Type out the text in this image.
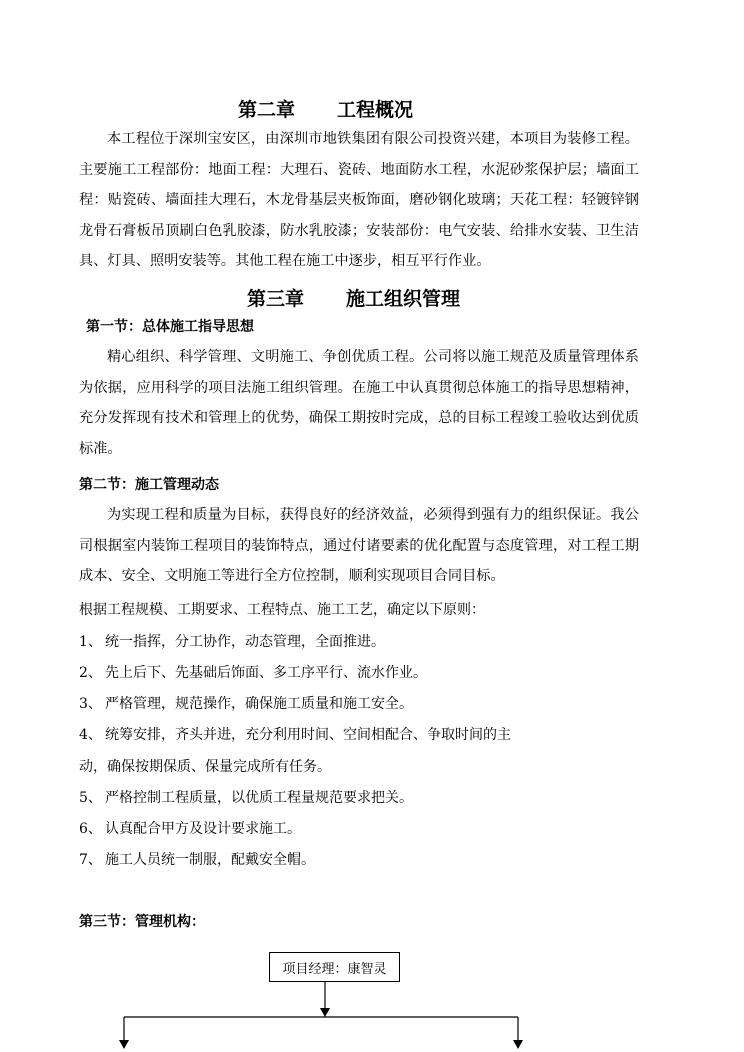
第二章 工程概况

本工程位于深圳宝安区，由深圳市地铁集团有限公司投资兴建，本项目为装修工程。主要施工工程部份：地面工程：大理石、瓷砖、地面防水工程，水泥砂浆保护层；墙面工程：贴瓷砖、墙面挂大理石，木龙骨基层夹板饰面，磨砂钢化玻璃；天花工程：轻镀锌钢龙骨石膏板吊顶刷白色乳胶漆，防水乳胶漆；安装部份：电气安装、给排水安装、卫生洁具、灯具、照明安装等。其他工程在施工中逐步，相互平行作业。

第三章 施工组织管理
第一节：总体施工指导思想

精心组织、科学管理、文明施工、争创优质工程。公司将以施工规范及质量管理体系为依据，应用科学的项目法施工组织管理。在施工中认真贯彻总体施工的指导思想精神，充分发挥现有技术和管理上的优势，确保工期按时完成，总的目标工程竣工验收达到优质标准。

第二节：施工管理动态

为实现工程和质量为目标，获得良好的经济效益，必须得到强有力的组织保证。我公司根据室内装饰工程项目的装饰特点，通过付诸要素的优化配置与态度管理，对工程工期成本、安全、文明施工等进行全方位控制，顺利实现项目合同目标。

根据工程规模、工期要求、工程特点、施工工艺，确定以下原则：
1、 统一指挥，分工协作，动态管理，全面推进。
2、 先上后下、先基础后饰面、多工序平行、流水作业。
3、 严格管理，规范操作，确保施工质量和施工安全。
4、 统筹安排，齐头并进，充分利用时间、空间相配合、争取时间的主
动，确保按期保质、保量完成所有任务。
5、 严格控制工程质量，以优质工程量规范要求把关。
6、 认真配合甲方及设计要求施工。
7、 施工人员统一制服，配戴安全帽。
第三节：管理机构：
项目经理：康智灵
